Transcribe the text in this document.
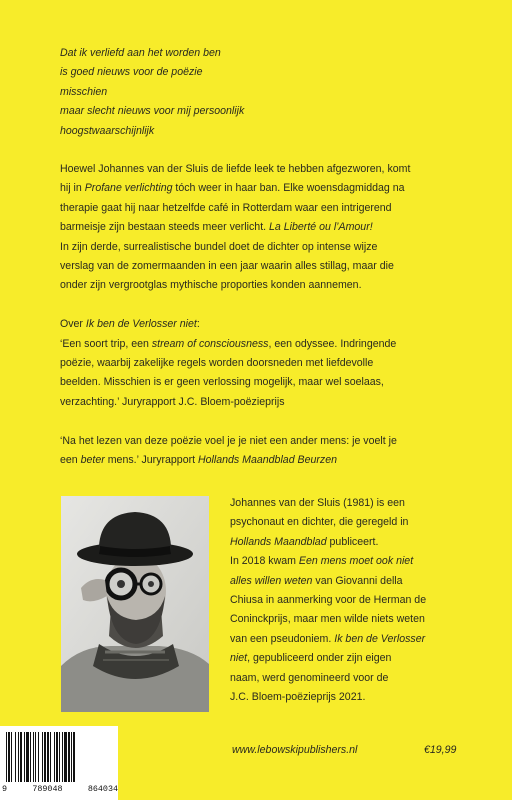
Dat ik verliefd aan het worden ben
is goed nieuws voor de poëzie
misschien
maar slecht nieuws voor mij persoonlijk
hoogstwaarschijnlijk
Hoewel Johannes van der Sluis de liefde leek te hebben afgezworen, komt
hij in Profane verlichting tóch weer in haar ban. Elke woensdagmiddag na
therapie gaat hij naar hetzelfde café in Rotterdam waar een intrigerend
barmeisje zijn bestaan steeds meer verlicht. La Liberté ou l’Amour!
In zijn derde, surrealistische bundel doet de dichter op intense wijze
verslag van de zomermaanden in een jaar waarin alles stillag, maar die
onder zijn vergrootglas mythische proporties konden aannemen.
Over Ik ben de Verlosser niet:
‘Een soort trip, een stream of consciousness, een odyssee. Indringende
poëzie, waarbij zakelijke regels worden doorsneden met liefdevolle
beelden. Misschien is er geen verlossing mogelijk, maar wel soelaas,
verzachting.’ Juryrapport J.C. Bloem-poëzieprijs
‘Na het lezen van deze poëzie voel je je niet een ander mens: je voelt je
een beter mens.’ Juryrapport Hollands Maandblad Beurzen
Johannes van der Sluis (1981) is een
psychonaut en dichter, die geregeld in
Hollands Maandblad publiceert.
In 2018 kwam Een mens moet ook niet
alles willen weten van Giovanni della
Chiusa in aanmerking voor de Herman de
Coninckprijs, maar men wilde niets weten
van een pseudoniem. Ik ben de Verlosser
niet, gepubliceerd onder zijn eigen
naam, werd genomineerd voor de
J.C. Bloem-poëzieprijs 2021.
9	789048	864034
www.lebowskipublishers.nl	€19,99
